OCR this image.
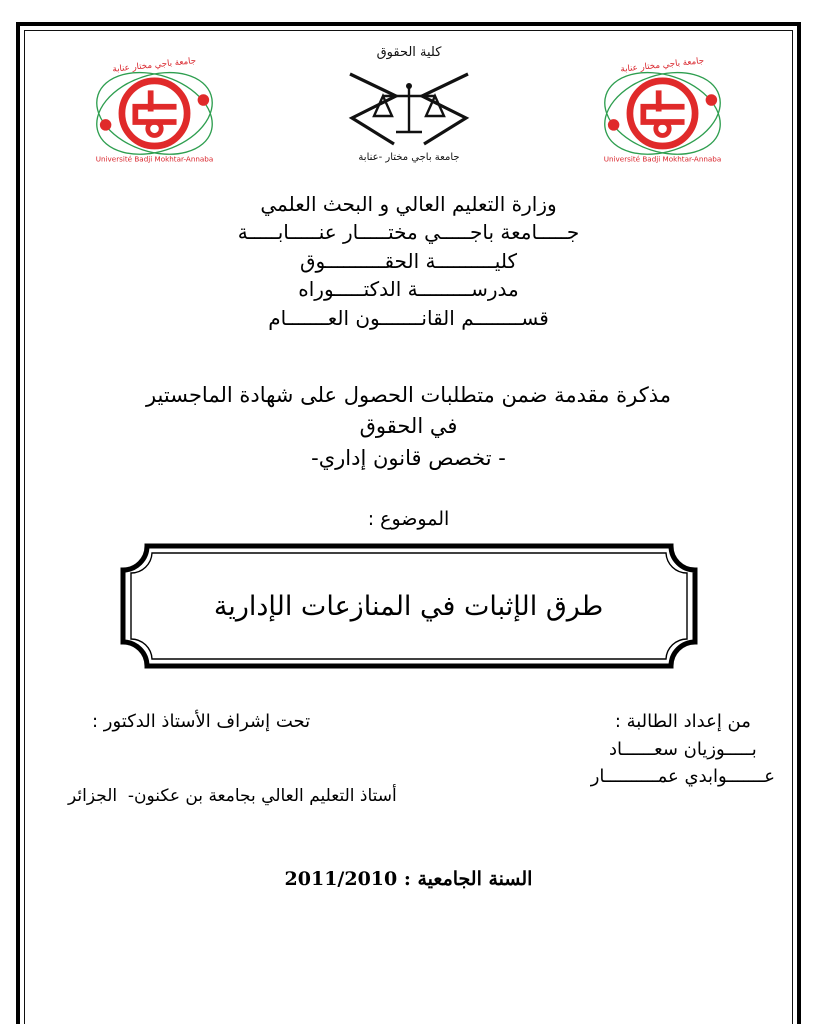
جامعة باجي مختار عنابة
Université Badji Mokhtar-Annaba
كلية الحقوق
جامعة باجي مختار -عنابة
جامعة باجي مختار عنابة
Université Badji Mokhtar-Annaba
وزارة التعليم العالي و البحث العلمي
جـــــامعة باجـــــي مختـــــار عنـــــابـــــة
كليــــــــــة الحقــــــــــوق
مدرســـــــــة الدكتـــــوراه
قســــــــم القانـــــــون العـــــــام
مذكرة مقدمة ضمن متطلبات الحصول على شهادة الماجستير
في الحقوق
- تخصص قانون إداري-
الموضوع :
طرق الإثبات في المنازعات الإدارية
من إعداد الطالبة :
بـــــوزيان سعــــــاد
عـــــــوابدي عمــــــــــار
تحت إشراف الأستاذ الدكتور :
أستاذ التعليم العالي بجامعة بن عكنون-  الجزائر
السنة الجامعية : 2011/2010
